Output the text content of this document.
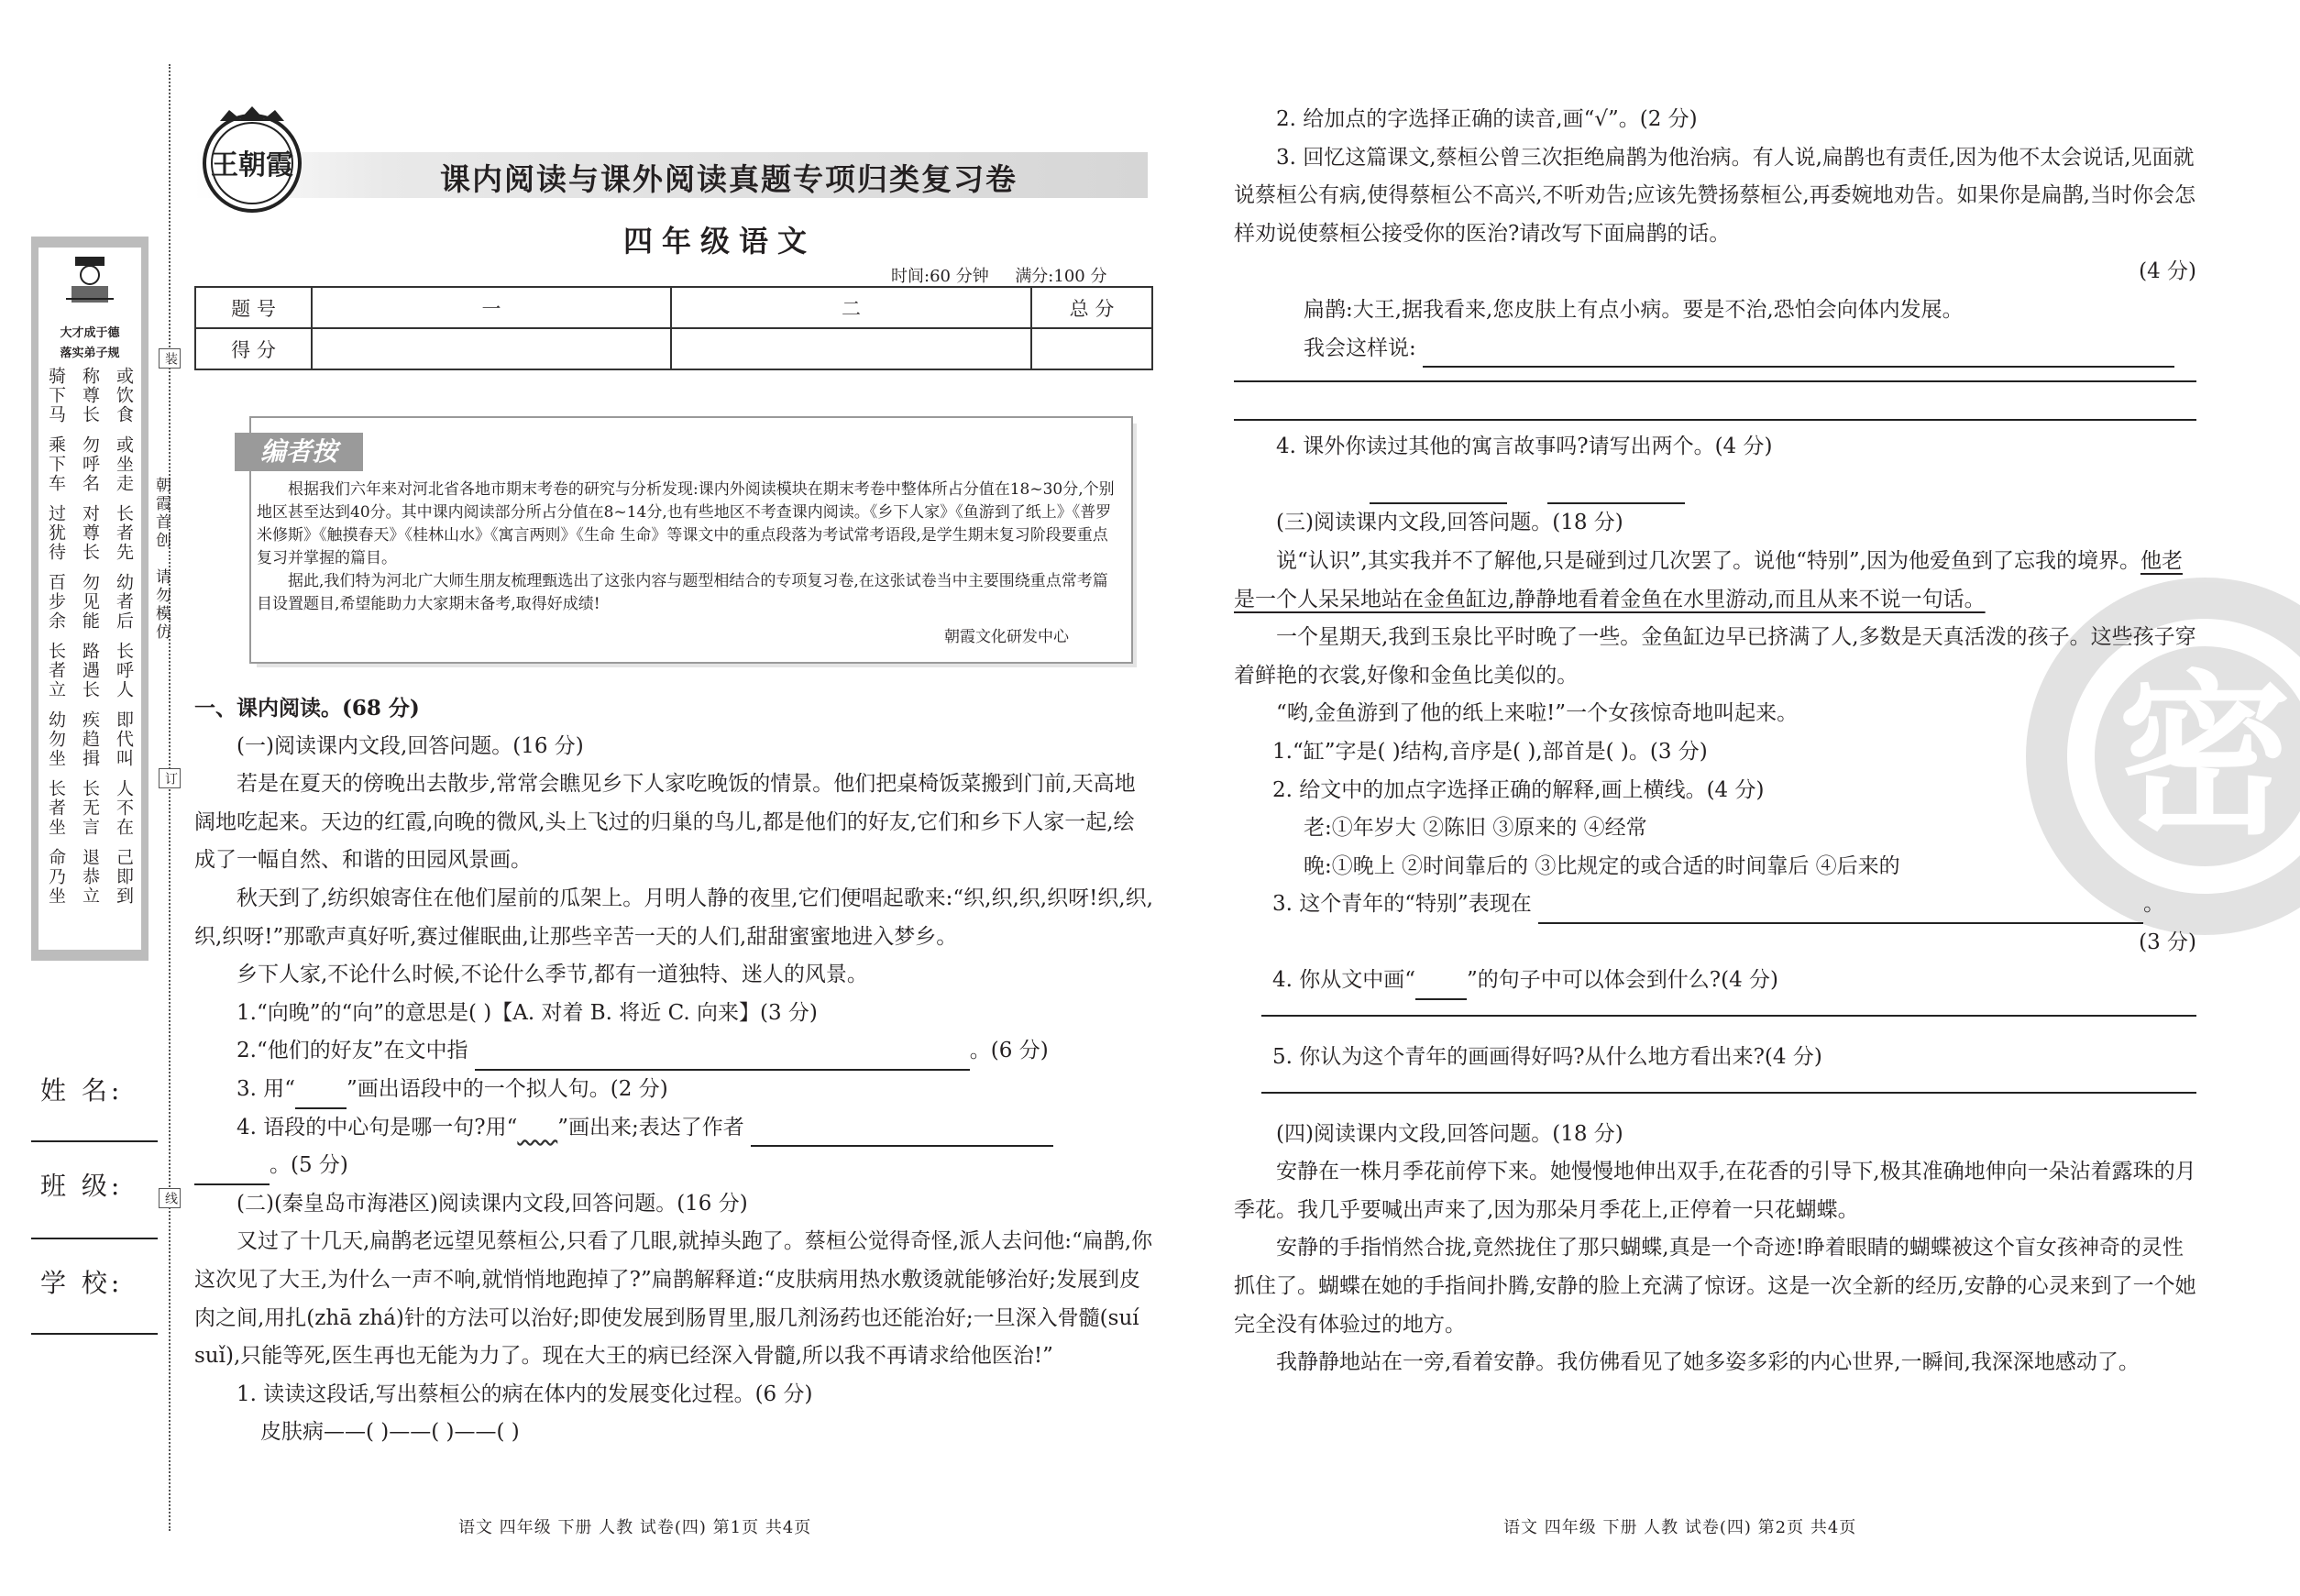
大才成于德
落实弟子规
骑下马 称尊长 或饮食
乘下车 勿呼名 或坐走
过犹待 对尊长 长者先
百步余 勿见能 幼者后
长者立 路遇长 长呼人
幼勿坐 疾趋揖 即代叫
长者坐 长无言 人不在
命乃坐 退恭立 己即到
装
订
线
朝霞首创
请勿模仿
姓 名:
班 级:
学 校:
王朝霞	课内阅读与课外阅读真题专项归类复习卷
四年级语文
时间:60 分钟 满分:100 分
题 号	一	二	总 分
得 分			
编者按

根据我们六年来对河北省各地市期末考卷的研究与分析发现:课内外阅读模块在期末考卷中整体所占分值在18~30分,个别地区甚至达到40分。其中课内阅读部分所占分值在8~14分,也有些地区不考查课内阅读。《乡下人家》《鱼游到了纸上》《普罗米修斯》《触摸春天》《桂林山水》《寓言两则》《生命 生命》等课文中的重点段落为考试常考语段,是学生期末复习阶段要重点复习并掌握的篇目。

据此,我们特为河北广大师生朋友梳理甄选出了这张内容与题型相结合的专项复习卷,在这张试卷当中主要围绕重点常考篇目设置题目,希望能助力大家期末备考,取得好成绩!

朝霞文化研发中心

一、课内阅读。(68 分)

(一)阅读课内文段,回答问题。(16 分)

若是在夏天的傍晚出去散步,常常会瞧见乡下人家吃晚饭的情景。他们把桌椅饭菜搬到门前,天高地阔地吃起来。天边的红霞,向晚的微风,头上飞过的归巢的鸟儿,都是他们的好友,它们和乡下人家一起,绘成了一幅自然、和谐的田园风景画。

秋天到了,纺织娘寄住在他们屋前的瓜架上。月明人静的夜里,它们便唱起歌来:“织,织,织,织呀!织,织,织,织呀!”那歌声真好听,赛过催眠曲,让那些辛苦一天的人们,甜甜蜜蜜地进入梦乡。

乡下人家,不论什么时候,不论什么季节,都有一道独特、迷人的风景。

1.“向晚”的“向”的意思是( )【A. 对着 B. 将近 C. 向来】(3 分)

2.“他们的好友”在文中指	。(6 分)

3. 用“ ”画出语段中的一个拟人句。(2 分)

4. 语段的中心句是哪一句?用“ ”画出来;表达了作者

。(5 分)

(二)(秦皇岛市海港区)阅读课内文段,回答问题。(16 分)

又过了十几天,扁鹊老远望见蔡桓公,只看了几眼,就掉头跑了。蔡桓公觉得奇怪,派人去问他:“扁鹊,你这次见了大王,为什么一声不响,就悄悄地跑掉了?”扁鹊解释道:“皮肤病用热水敷烫就能够治好;发展到皮肉之间,用扎(zhā zhá)针的方法可以治好;即使发展到肠胃里,服几剂汤药也还能治好;一旦深入骨髓(suí suǐ),只能等死,医生再也无能为力了。现在大王的病已经深入骨髓,所以我不再请求给他医治!”

1. 读读这段话,写出蔡桓公的病在体内的发展变化过程。(6 分)

皮肤病——( )——( )——( )

语文 四年级 下册 人教 试卷(四) 第1页 共4页
密

2. 给加点的字选择正确的读音,画“√”。(2 分)

3. 回忆这篇课文,蔡桓公曾三次拒绝扁鹊为他治病。有人说,扁鹊也有责任,因为他不太会说话,见面就说蔡桓公有病,使得蔡桓公不高兴,不听劝告;应该先赞扬蔡桓公,再委婉地劝告。如果你是扁鹊,当时你会怎样劝说使蔡桓公接受你的医治?请改写下面扁鹊的话。

(4 分)

扁鹊:大王,据我看来,您皮肤上有点小病。要是不治,恐怕会向体内发展。

我会这样说:

4. 课外你读过其他的寓言故事吗?请写出两个。(4 分)

(三)阅读课内文段,回答问题。(18 分)

说“认识”,其实我并不了解他,只是碰到过几次罢了。说他“特别”,因为他爱鱼到了忘我的境界。他老是一个人呆呆地站在金鱼缸边,静静地看着金鱼在水里游动,而且从来不说一句话。

一个星期天,我到玉泉比平时晚了一些。金鱼缸边早已挤满了人,多数是天真活泼的孩子。这些孩子穿着鲜艳的衣裳,好像和金鱼比美似的。

“哟,金鱼游到了他的纸上来啦!”一个女孩惊奇地叫起来。

1.“缸”字是( )结构,音序是( ),部首是( )。(3 分)

2. 给文中的加点字选择正确的解释,画上横线。(4 分)

老:①年岁大 ②陈旧 ③原来的 ④经常

晚:①晚上 ②时间靠后的 ③比规定的或合适的时间靠后 ④后来的

3. 这个青年的“特别”表现在	。

(3 分)

4. 你从文中画“ ”的句子中可以体会到什么?(4 分)

5. 你认为这个青年的画画得好吗?从什么地方看出来?(4 分)

(四)阅读课内文段,回答问题。(18 分)

安静在一株月季花前停下来。她慢慢地伸出双手,在花香的引导下,极其准确地伸向一朵沾着露珠的月季花。我几乎要喊出声来了,因为那朵月季花上,正停着一只花蝴蝶。

安静的手指悄然合拢,竟然拢住了那只蝴蝶,真是一个奇迹!睁着眼睛的蝴蝶被这个盲女孩神奇的灵性抓住了。蝴蝶在她的手指间扑腾,安静的脸上充满了惊讶。这是一次全新的经历,安静的心灵来到了一个她完全没有体验过的地方。

我静静地站在一旁,看着安静。我仿佛看见了她多姿多彩的内心世界,一瞬间,我深深地感动了。

语文 四年级 下册 人教 试卷(四) 第2页 共4页
